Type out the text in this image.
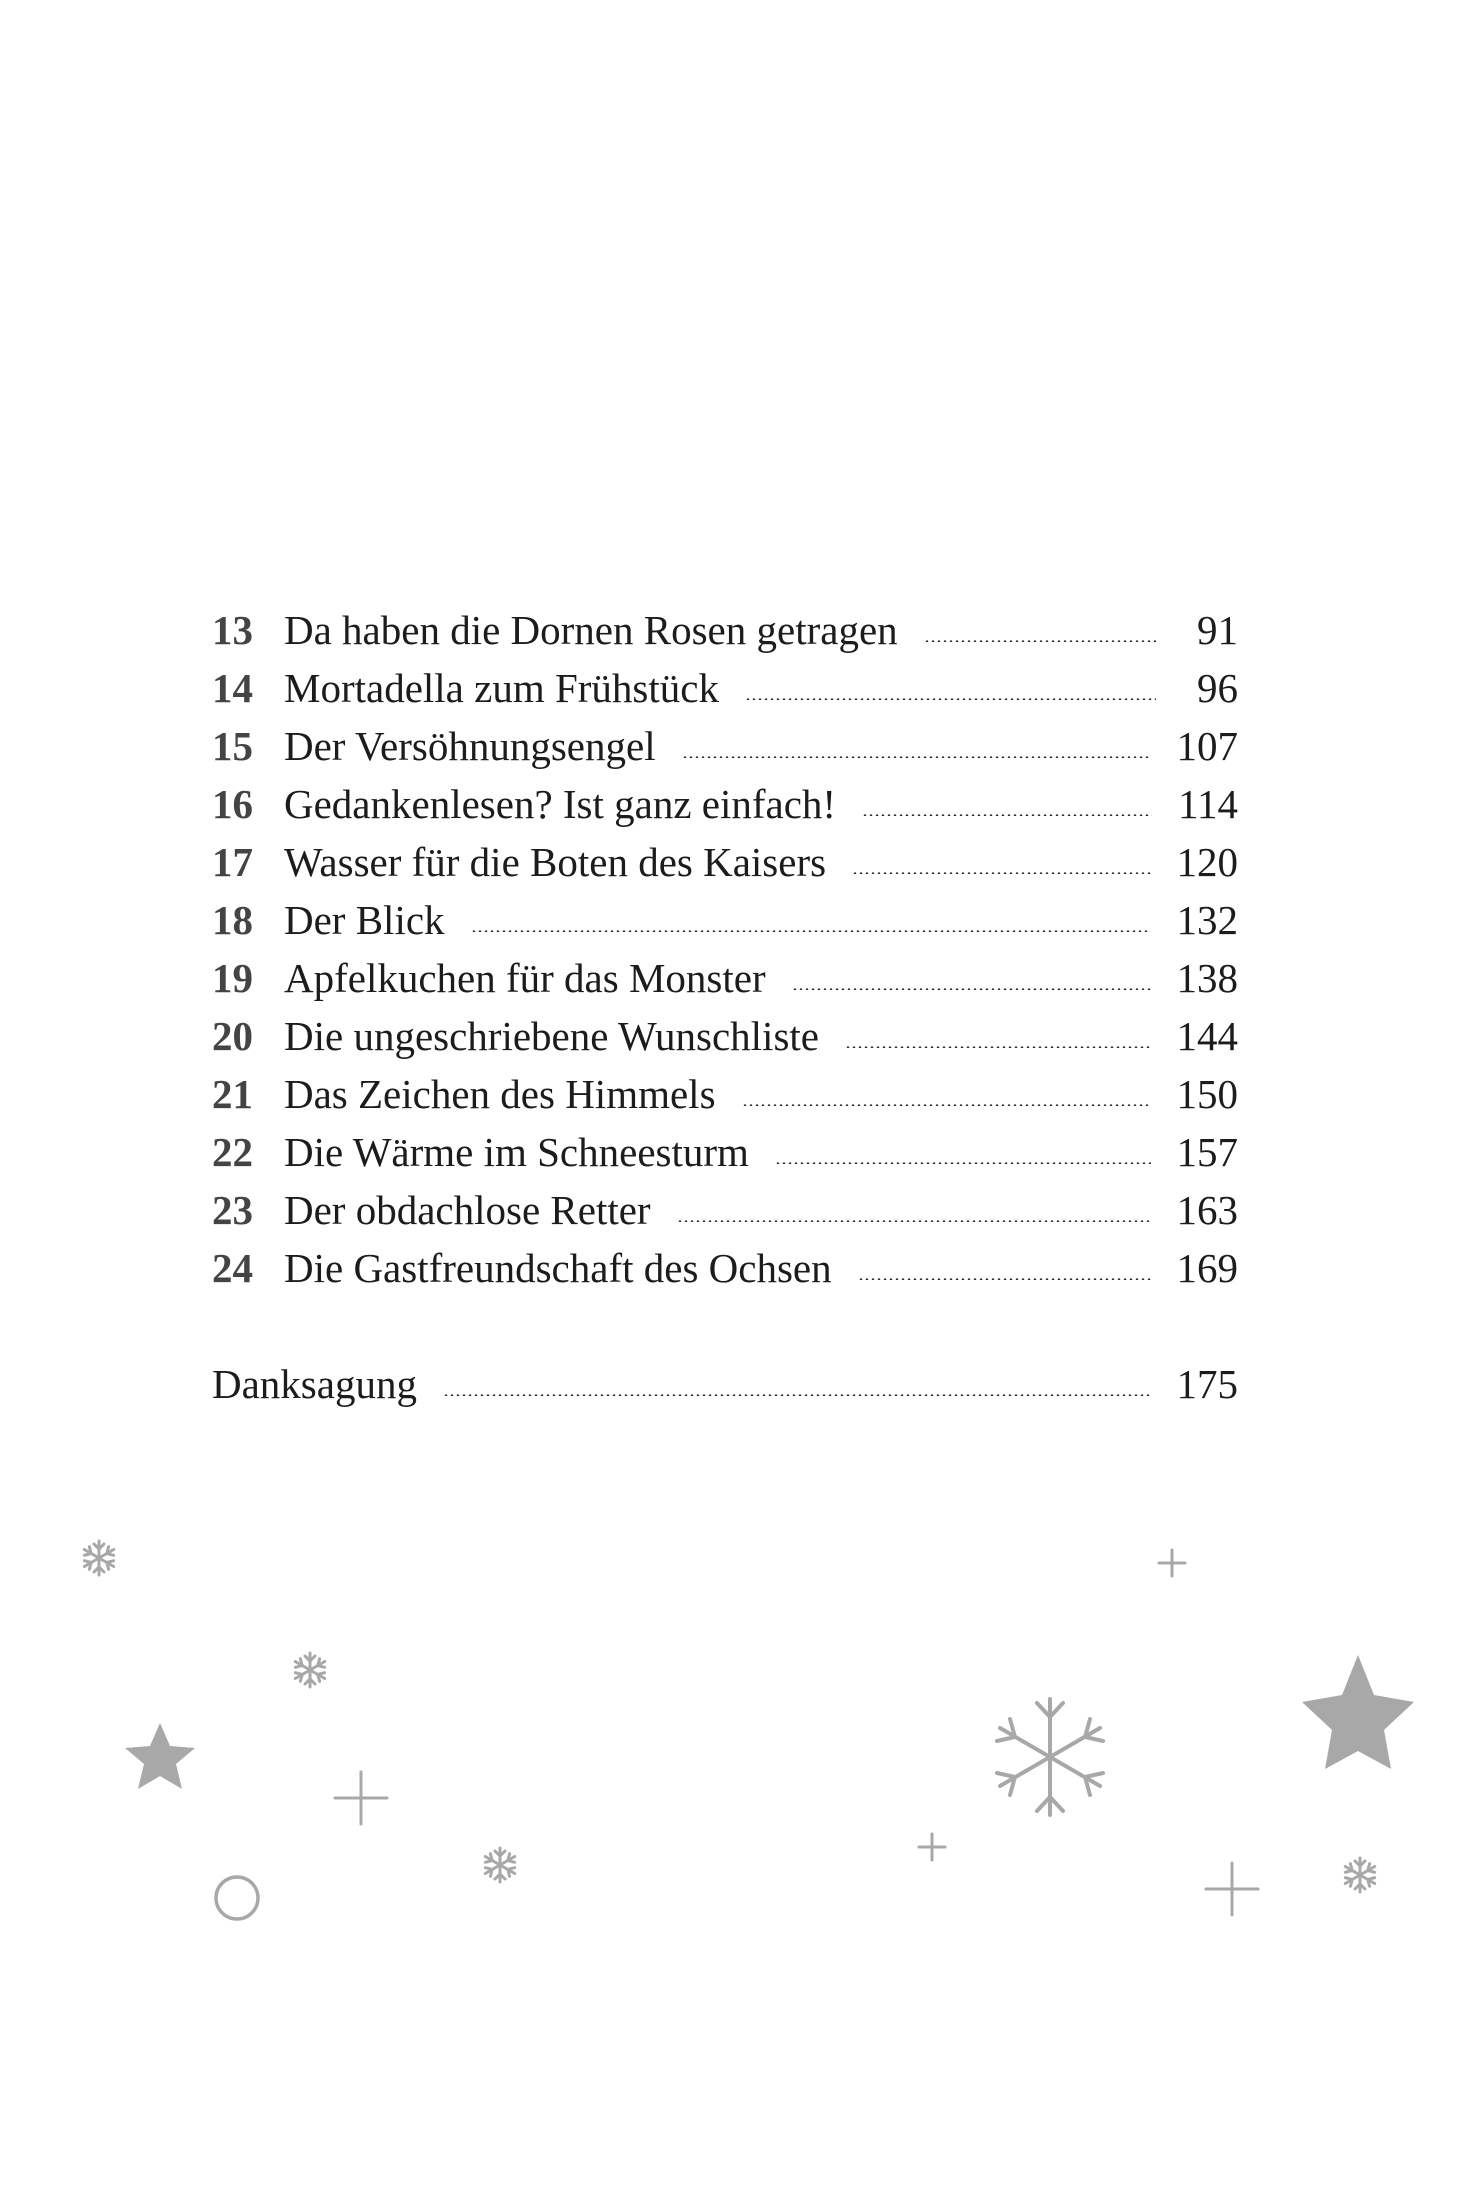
13 Da haben die Dornen Rosen getragen	91
14 Mortadella zum Frühstück	96
15 Der Versöhnungsengel	107
16 Gedankenlesen? Ist ganz einfach!	114
17 Wasser für die Boten des Kaisers	120
18 Der Blick	132
19 Apfelkuchen für das Monster	138
20 Die ungeschriebene Wunschliste	144
21 Das Zeichen des Himmels	150
22 Die Wärme im Schneesturm	157
23 Der obdachlose Retter	163
24 Die Gastfreundschaft des Ochsen	169
Danksagung	175
